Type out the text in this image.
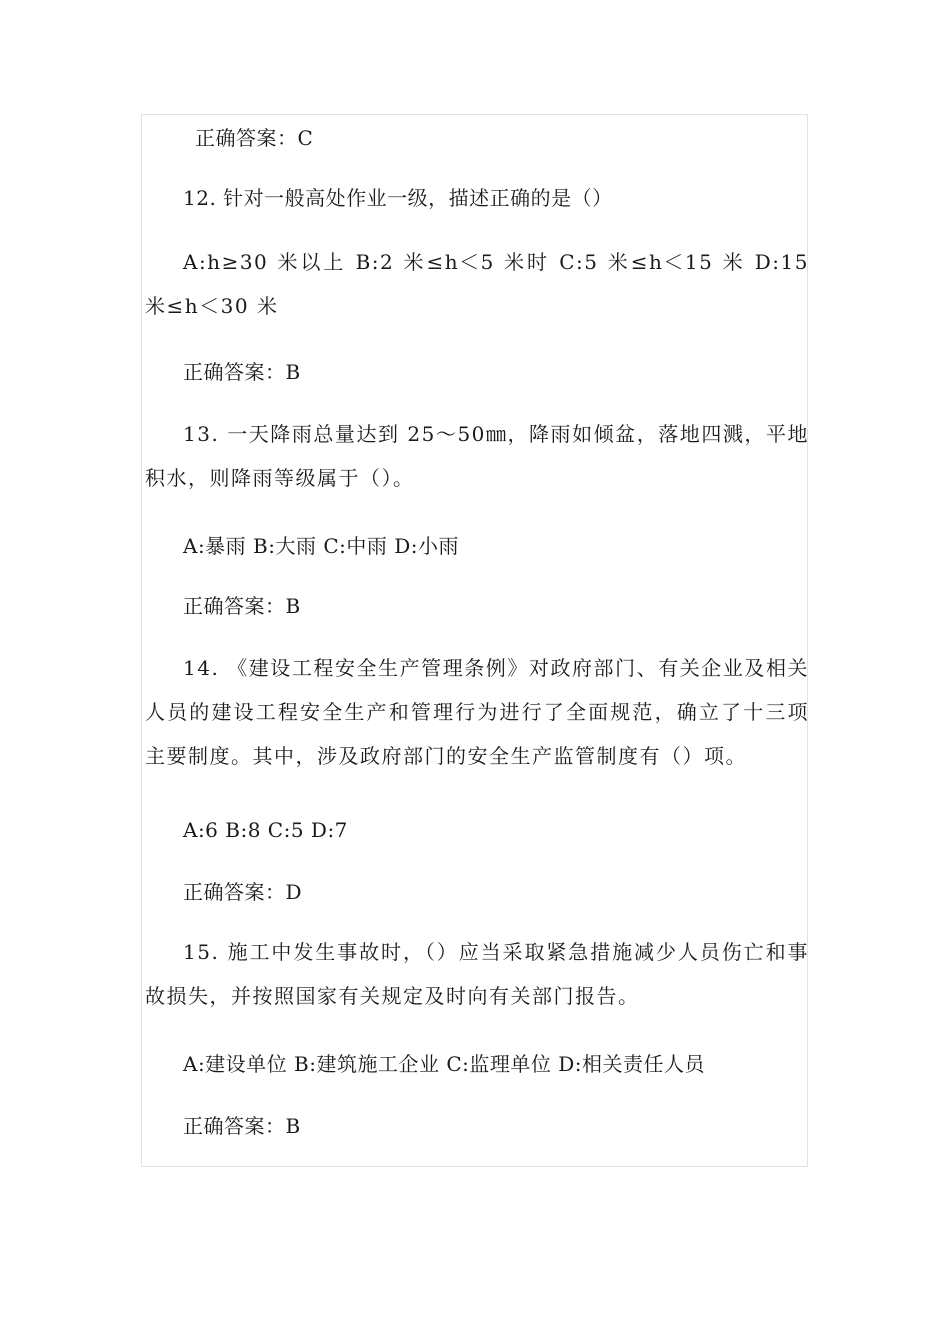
正确答案：C
12. 针对一般高处作业一级，描述正确的是（）
A:h≥30 米以上 B:2 米≤h＜5 米时 C:5 米≤h＜15 米 D:15 米≤h＜30 米
正确答案：B
13. 一天降雨总量达到 25～50㎜，降雨如倾盆，落地四溅，平地积水，则降雨等级属于（）。
A:暴雨 B:大雨 C:中雨 D:小雨
正确答案：B
14. 《建设工程安全生产管理条例》对政府部门、有关企业及相关人员的建设工程安全生产和管理行为进行了全面规范，确立了十三项主要制度。其中，涉及政府部门的安全生产监管制度有（）项。
A:6 B:8 C:5 D:7
正确答案：D
15. 施工中发生事故时，（）应当采取紧急措施减少人员伤亡和事故损失，并按照国家有关规定及时向有关部门报告。
A:建设单位 B:建筑施工企业 C:监理单位 D:相关责任人员
正确答案：B
